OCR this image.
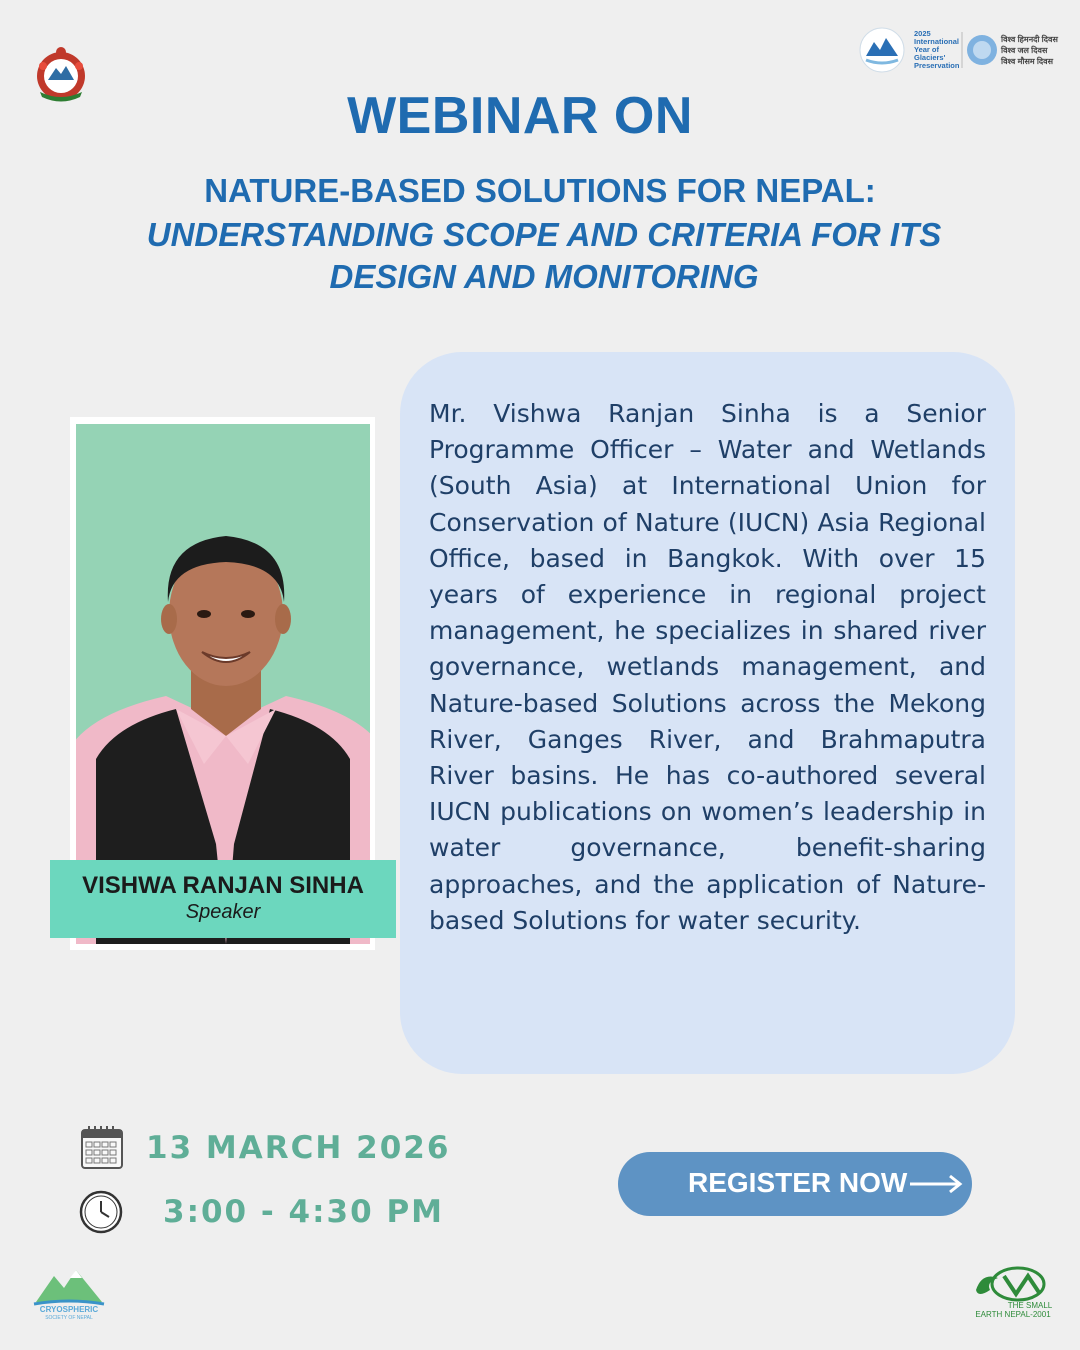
2025
International
Year of Glaciers'
Preservation
विश्व हिमनदी दिवस
विश्व जल दिवस
विश्व मौसम दिवस
WEBINAR ON
NATURE-BASED SOLUTIONS FOR NEPAL:
UNDERSTANDING SCOPE AND CRITERIA FOR ITS
DESIGN AND MONITORING
VISHWA RANJAN SINHA
Speaker
Mr. Vishwa Ranjan Sinha is a Senior Programme Officer – Water and Wetlands (South Asia) at International Union for Conservation of Nature (IUCN) Asia Regional Office, based in Bangkok. With over 15 years of experience in regional project management, he specializes in shared river governance, wetlands management, and Nature-based Solutions across the Mekong River, Ganges River, and Brahmaputra River basins. He has co-authored several IUCN publications on women’s leadership in water governance, benefit-sharing approaches, and the application of Nature-based Solutions for water security.
13 MARCH 2026
3:00 - 4:30 PM
REGISTER NOW
CRYOSPHERIC
SOCIETY OF NEPAL
THE SMALL
EARTH NEPAL-2001
